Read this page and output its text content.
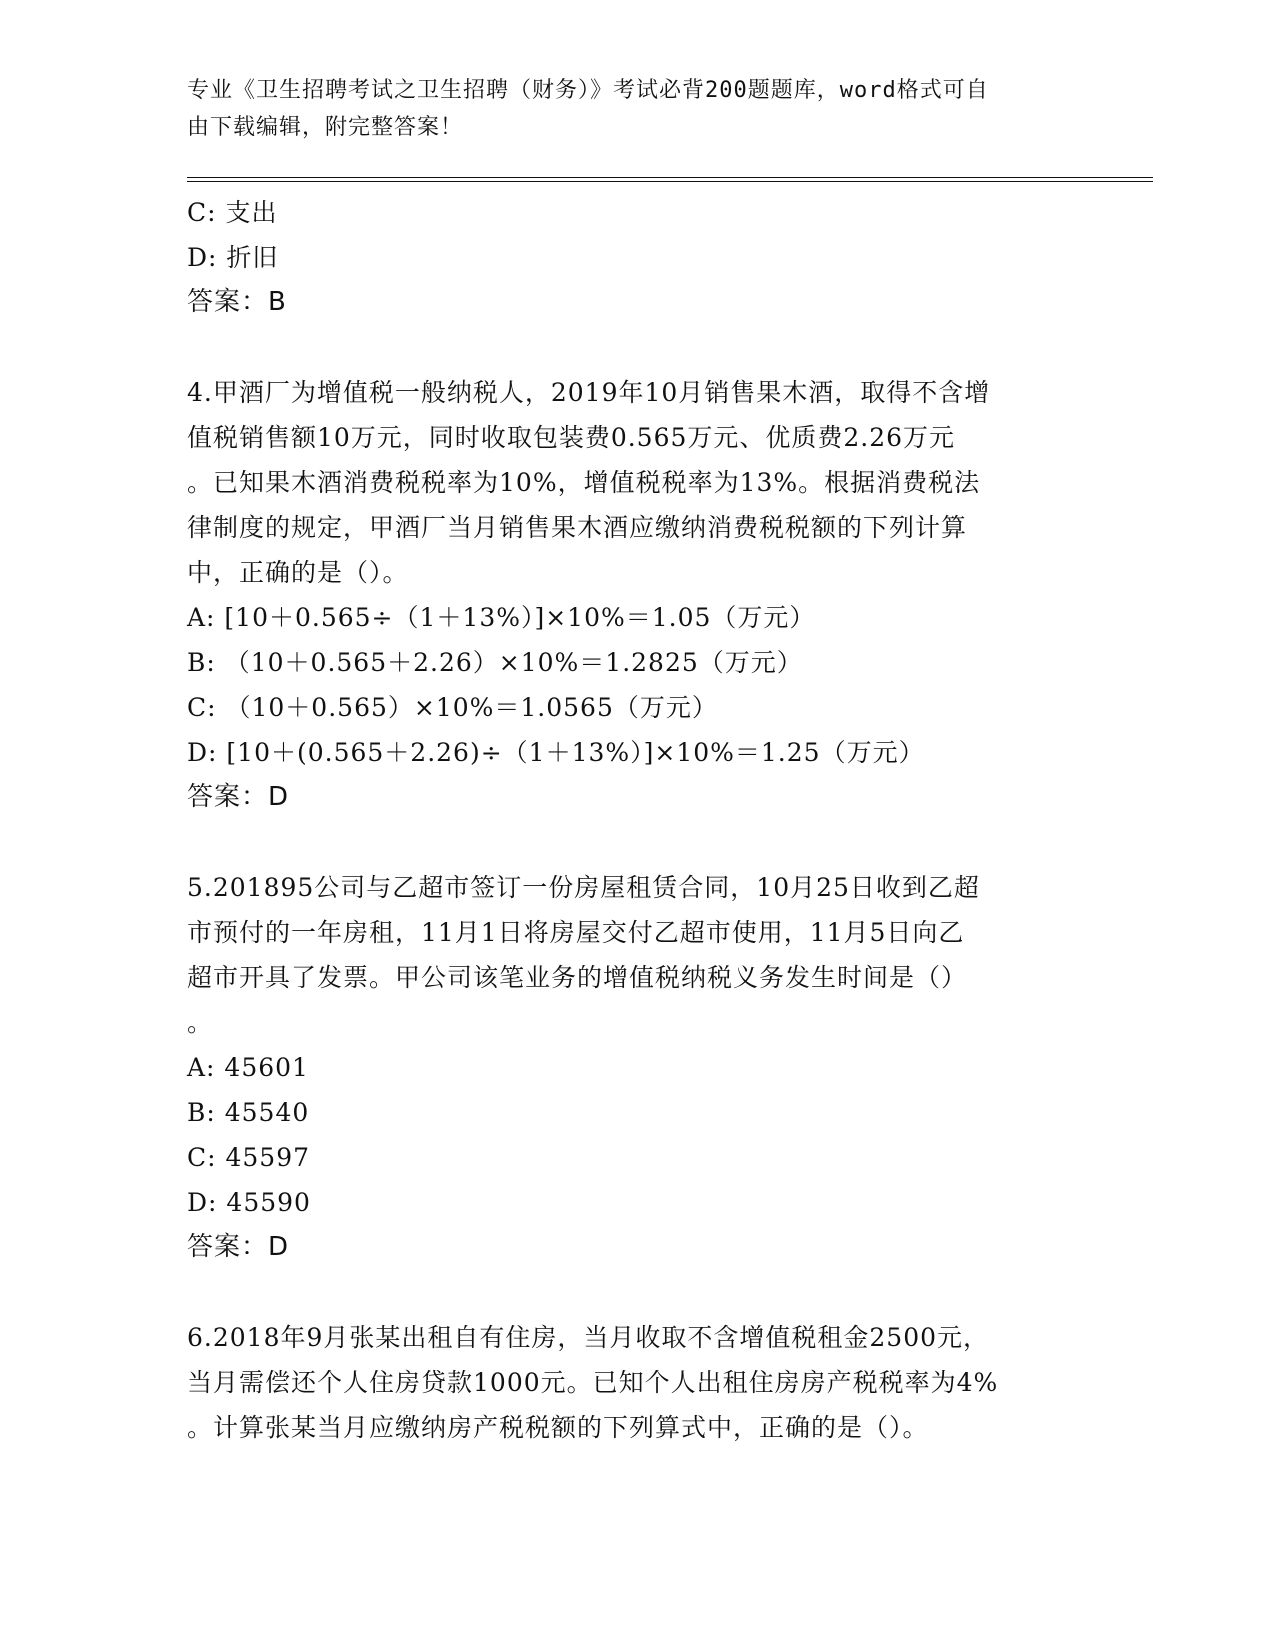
专业《卫生招聘考试之卫生招聘（财务）》考试必背200题题库，word格式可自
由下载编辑，附完整答案！
C: 支出
D: 折旧
答案：B
4.甲酒厂为增值税一般纳税人，2019年10月销售果木酒，取得不含增
值税销售额10万元，同时收取包装费0.565万元、优质费2.26万元
。已知果木酒消费税税率为10%，增值税税率为13%。根据消费税法
律制度的规定，甲酒厂当月销售果木酒应缴纳消费税税额的下列计算
中，正确的是（）。
A: [10＋0.565÷（1＋13%）]×10%＝1.05（万元）
B: （10＋0.565＋2.26）×10%＝1.2825（万元）
C: （10＋0.565）×10%＝1.0565（万元）
D: [10＋(0.565＋2.26)÷（1＋13%）]×10%＝1.25（万元）
答案：D
5.201895公司与乙超市签订一份房屋租赁合同，10月25日收到乙超
市预付的一年房租，11月1日将房屋交付乙超市使用，11月5日向乙
超市开具了发票。甲公司该笔业务的增值税纳税义务发生时间是（）
。
A: 45601
B: 45540
C: 45597
D: 45590
答案：D
6.2018年9月张某出租自有住房，当月收取不含增值税租金2500元，
当月需偿还个人住房贷款1000元。已知个人出租住房房产税税率为4%
。计算张某当月应缴纳房产税税额的下列算式中，正确的是（）。
